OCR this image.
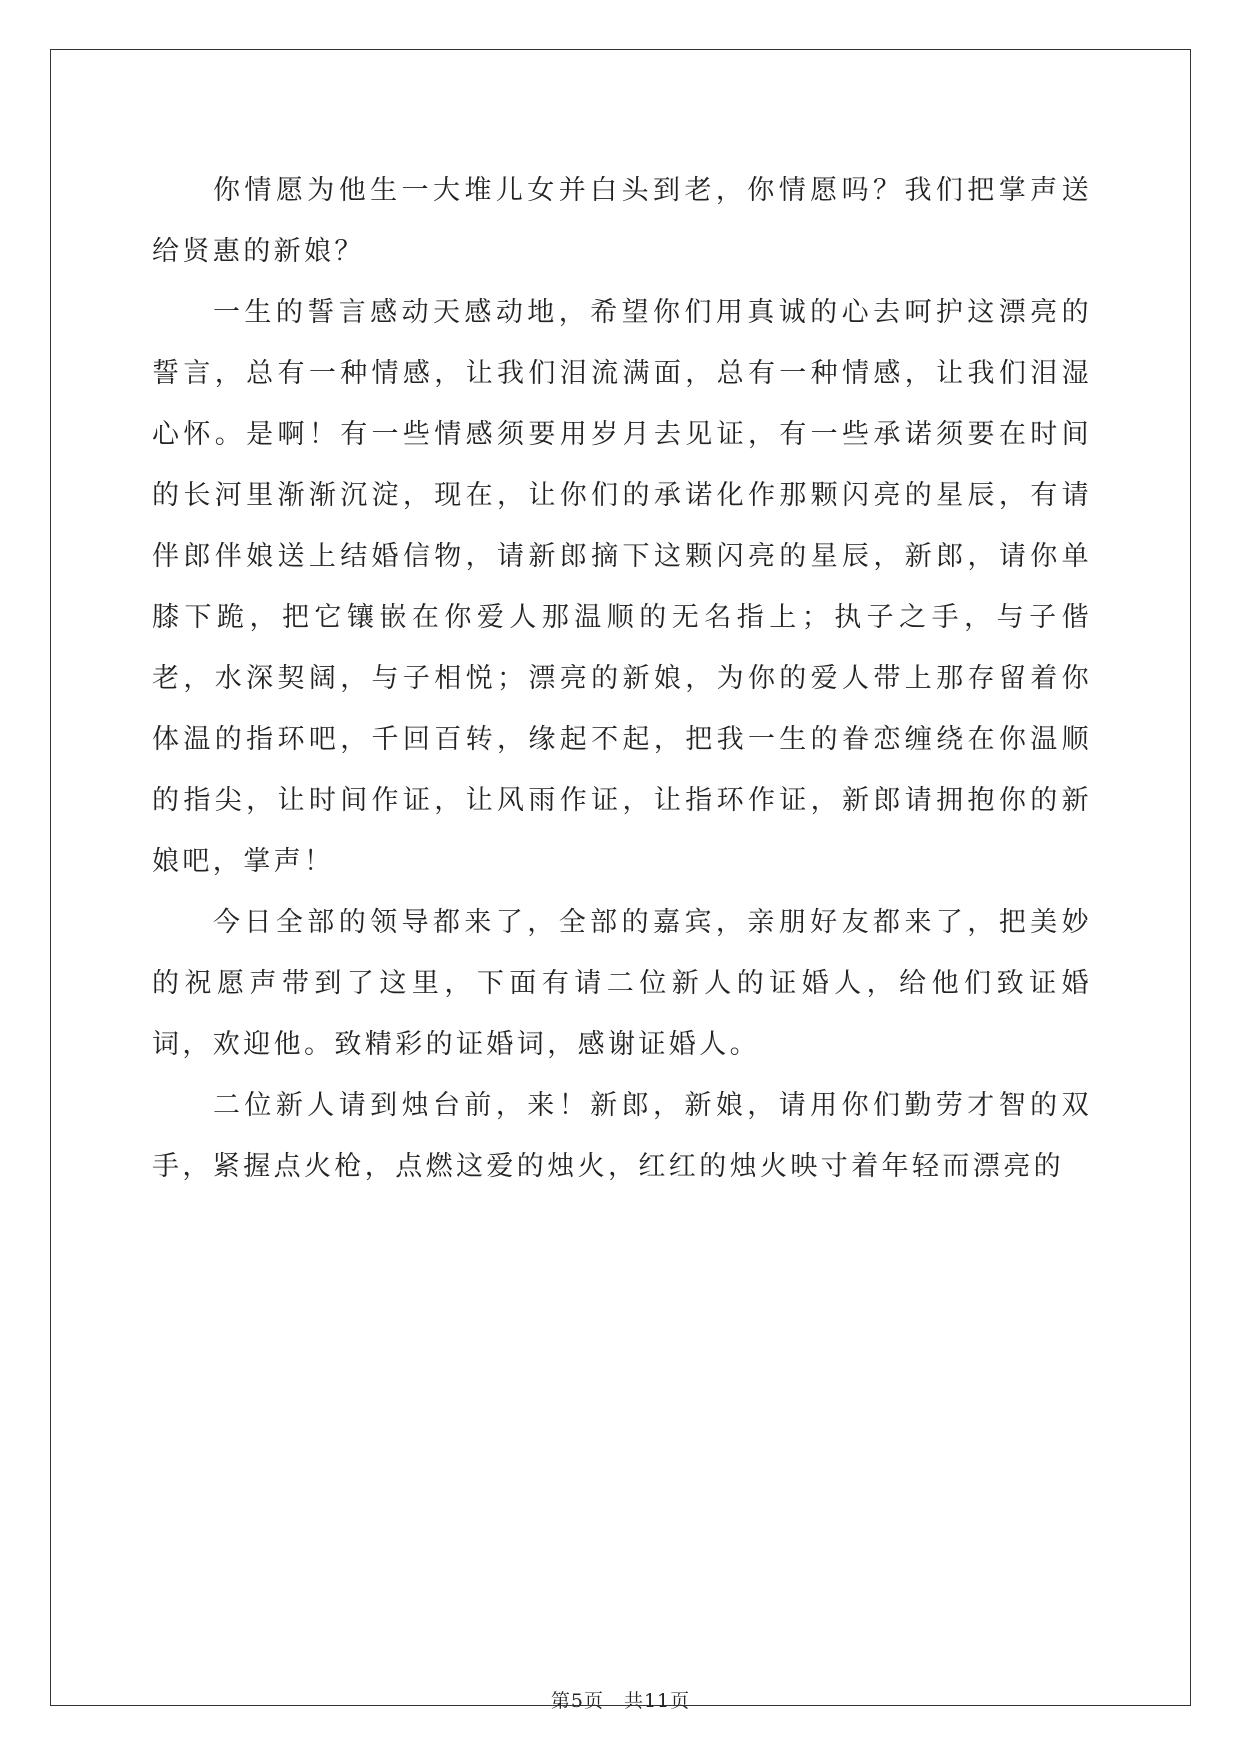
你情愿为他生一大堆儿女并白头到老，你情愿吗？我们把掌声送给贤惠的新娘？

一生的誓言感动天感动地，希望你们用真诚的心去呵护这漂亮的誓言，总有一种情感，让我们泪流满面，总有一种情感，让我们泪湿心怀。是啊！有一些情感须要用岁月去见证，有一些承诺须要在时间的长河里渐渐沉淀，现在，让你们的承诺化作那颗闪亮的星辰，有请伴郎伴娘送上结婚信物，请新郎摘下这颗闪亮的星辰，新郎，请你单膝下跪，把它镶嵌在你爱人那温顺的无名指上；执子之手，与子偕老，水深契阔，与子相悦；漂亮的新娘，为你的爱人带上那存留着你体温的指环吧，千回百转，缘起不起，把我一生的眷恋缠绕在你温顺的指尖，让时间作证，让风雨作证，让指环作证，新郎请拥抱你的新娘吧，掌声！

今日全部的领导都来了，全部的嘉宾，亲朋好友都来了，把美妙的祝愿声带到了这里，下面有请二位新人的证婚人，给他们致证婚词，欢迎他。致精彩的证婚词，感谢证婚人。

二位新人请到烛台前，来！新郎，新娘，请用你们勤劳才智的双手，紧握点火枪，点燃这爱的烛火，红红的烛火映寸着年轻而漂亮的

第5页　共11页
